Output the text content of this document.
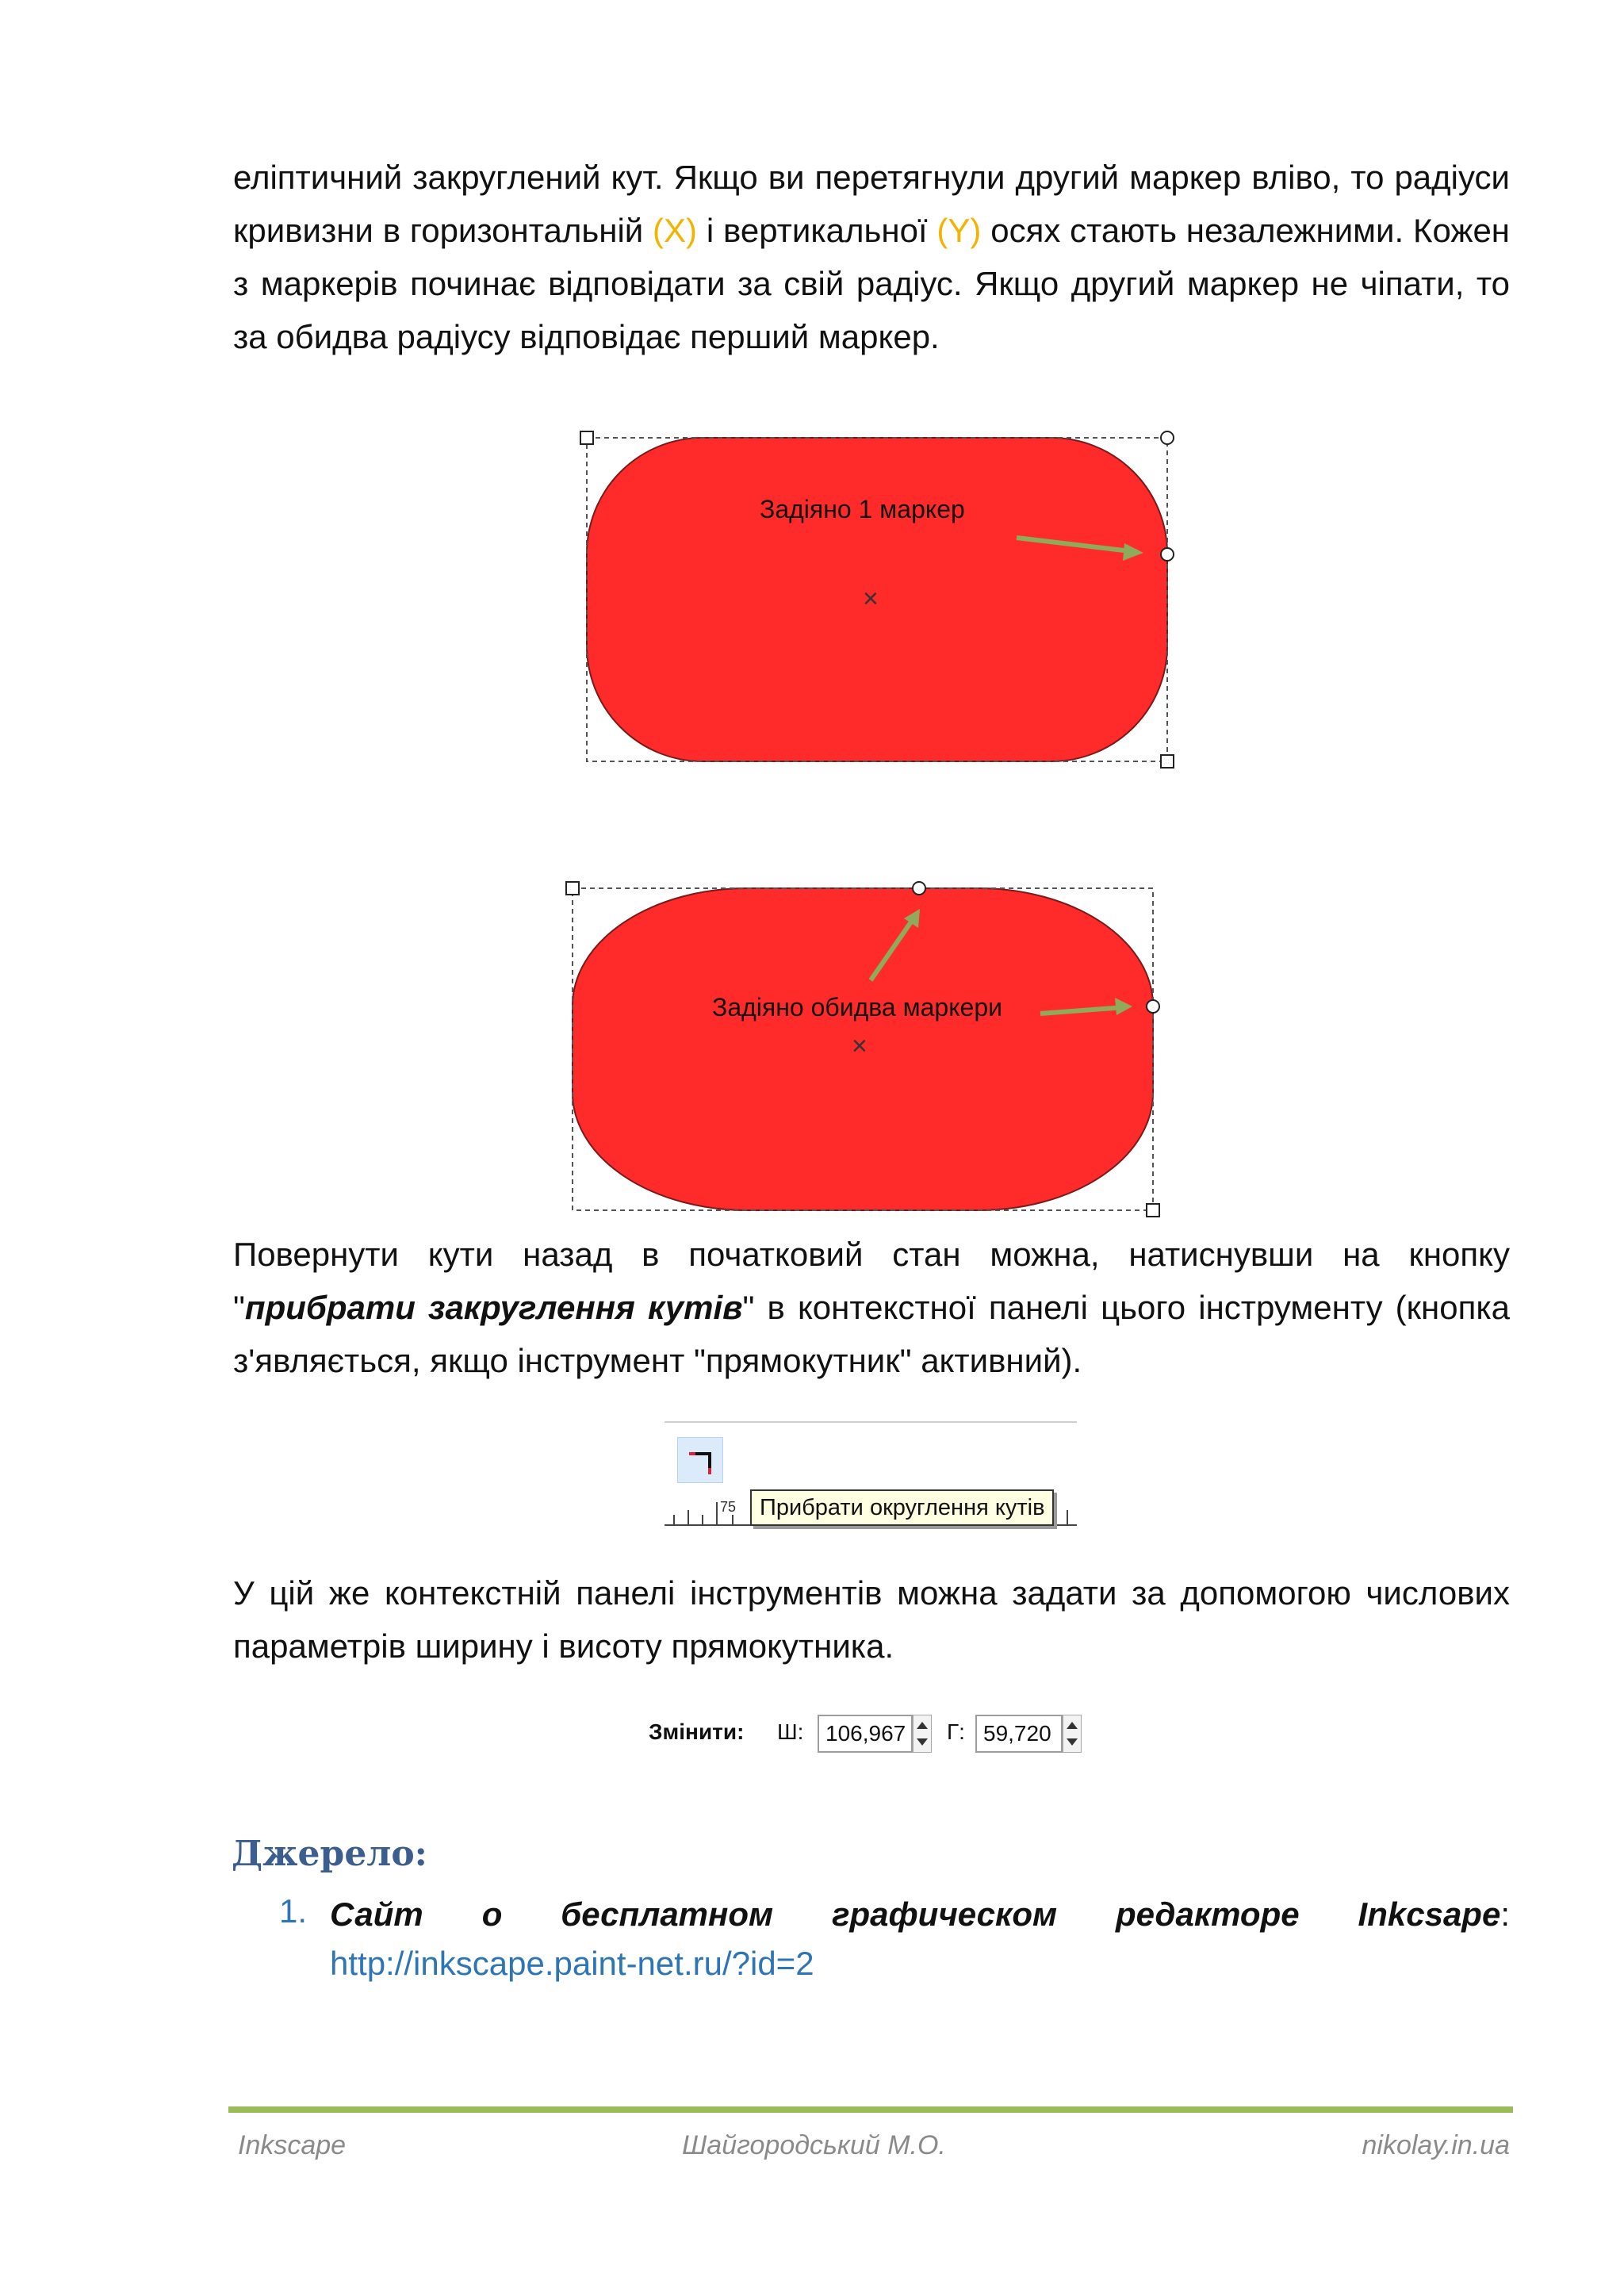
еліптичний закруглений кут. Якщо ви перетягнули другий маркер вліво, то радіуси кривизни в горизонтальній (X) і вертикальної (Y) осях стають незалежними. Кожен з маркерів починає відповідати за свій радіус. Якщо другий маркер не чіпати, то за обидва радіусу відповідає перший маркер.

×
Задіяно 1 маркер
×
Задіяно обидва маркери

Повернути кути назад в початковий стан можна, натиснувши на кнопку "прибрати закруглення кутів" в контекстної панелі цього інструменту (кнопка з'являється, якщо інструмент "прямокутник" активний).

75	Прибрати округлення кутів

У цій же контекстній панелі інструментів можна задати за допомогою числових параметрів ширину і висоту прямокутника.

Змінити: Ш: 106,967	Г: 59,720
Джерело:
1. Сайт о бесплатном графическом редакторе Inkcsape:
http://inkscape.paint-net.ru/?id=2
Inkscape	Шайгородський М.О.	nikolay.in.ua
